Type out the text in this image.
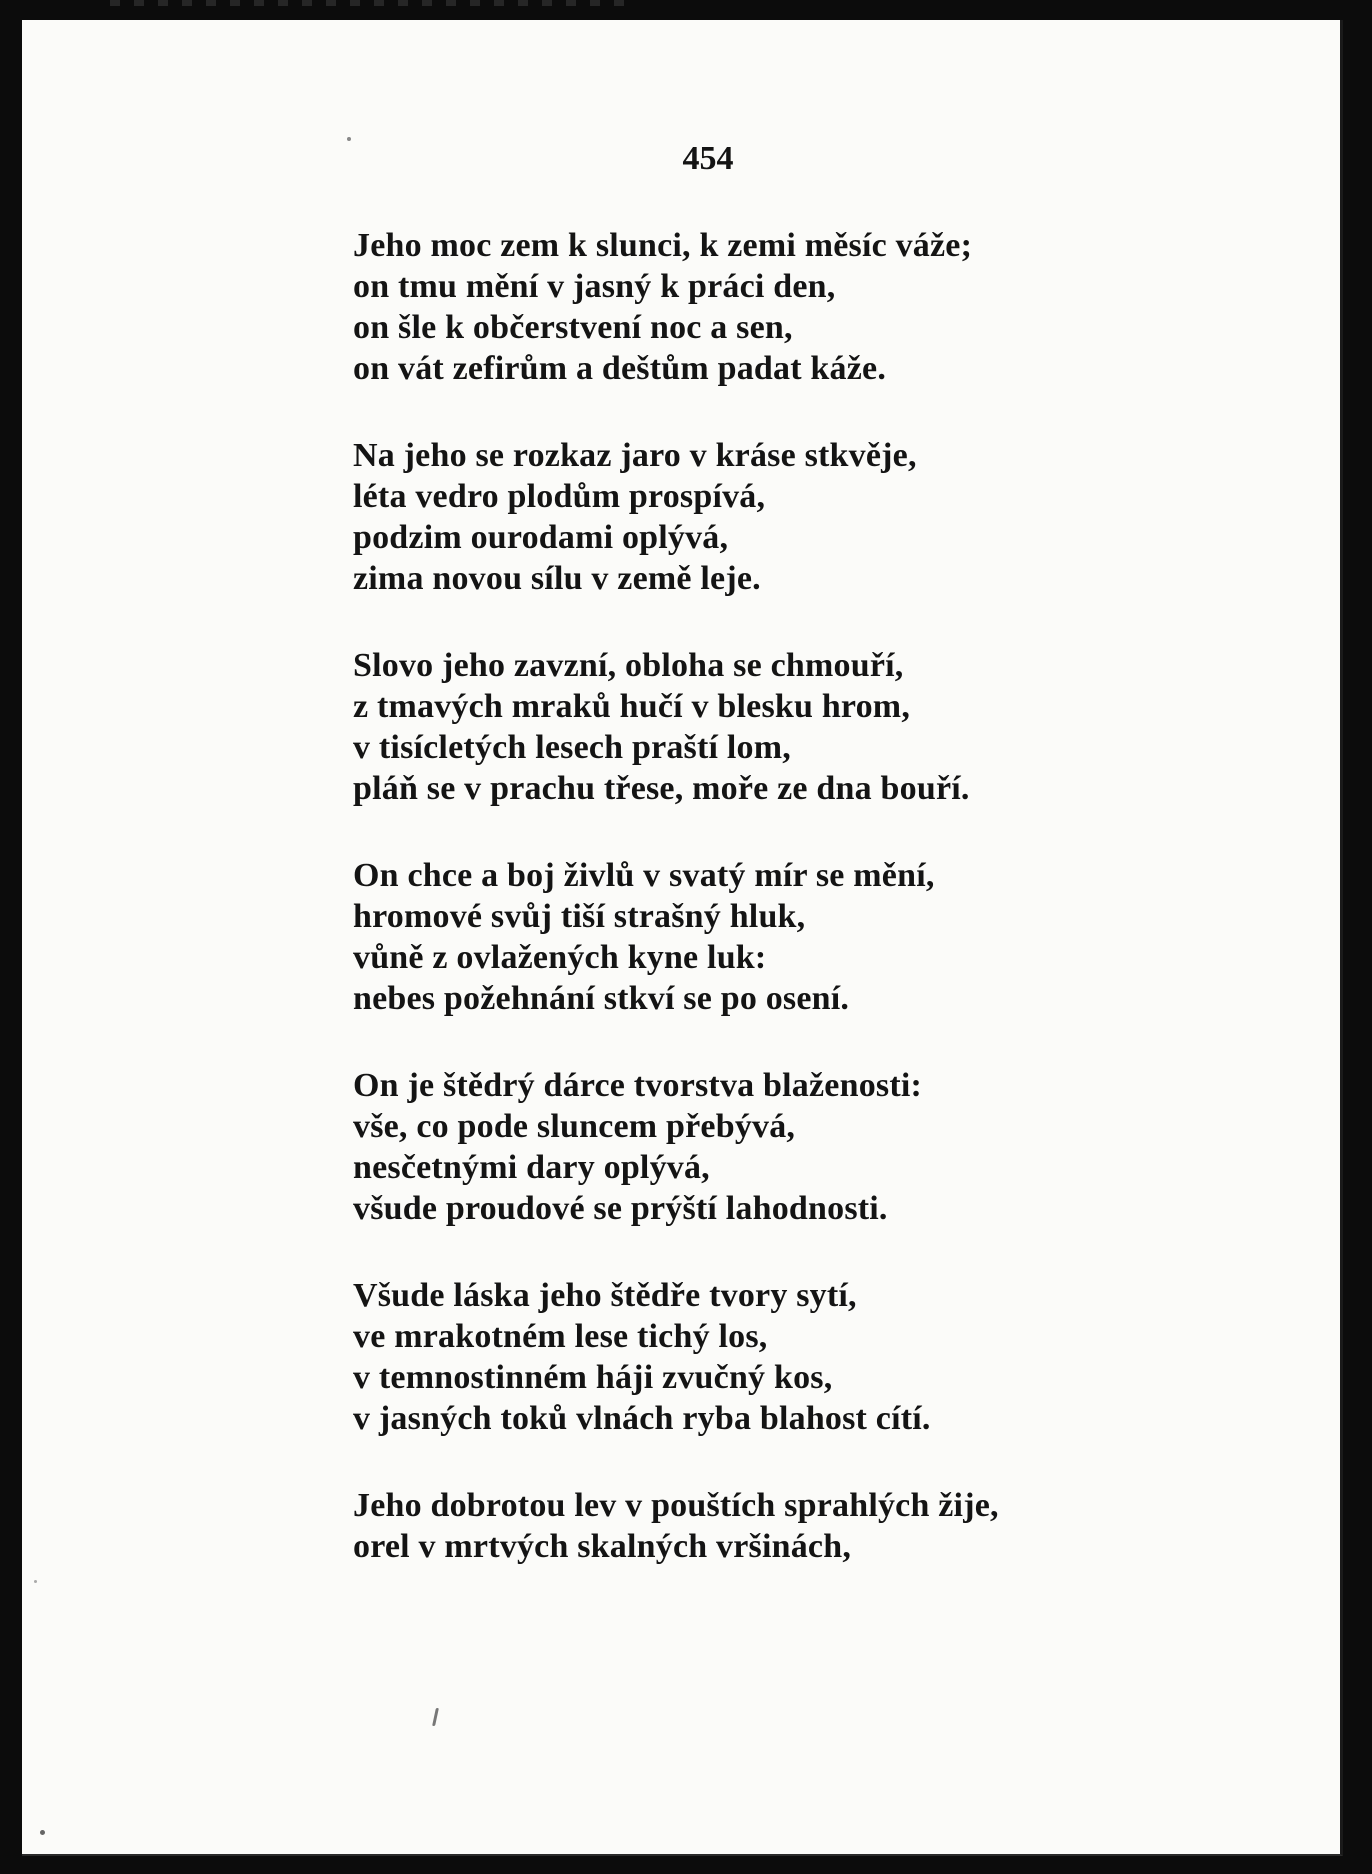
454
Jeho moc zem k slunci, k zemi měsíc váže;
on tmu mění v jasný k práci den,
on šle k občerstvení noc a sen,
on vát zefirům a deštům padat káže.
Na jeho se rozkaz jaro v kráse stkvěje,
léta vedro plodům prospívá,
podzim ourodami oplývá,
zima novou sílu v země leje.
Slovo jeho zavzní, obloha se chmouří,
z tmavých mraků hučí v blesku hrom,
v tisícletých lesech praští lom,
pláň se v prachu třese, moře ze dna bouří.
On chce a boj živlů v svatý mír se mění,
hromové svůj tiší strašný hluk,
vůně z ovlažených kyne luk:
nebes požehnání stkví se po osení.
On je štědrý dárce tvorstva blaženosti:
vše, co pode sluncem přebývá,
nesčetnými dary oplývá,
všude proudové se prýští lahodnosti.
Všude láska jeho štědře tvory sytí,
ve mrakotném lese tichý los,
v temnostinném háji zvučný kos,
v jasných toků vlnách ryba blahost cítí.
Jeho dobrotou lev v pouštích sprahlých žije,
orel v mrtvých skalných vršinách,
